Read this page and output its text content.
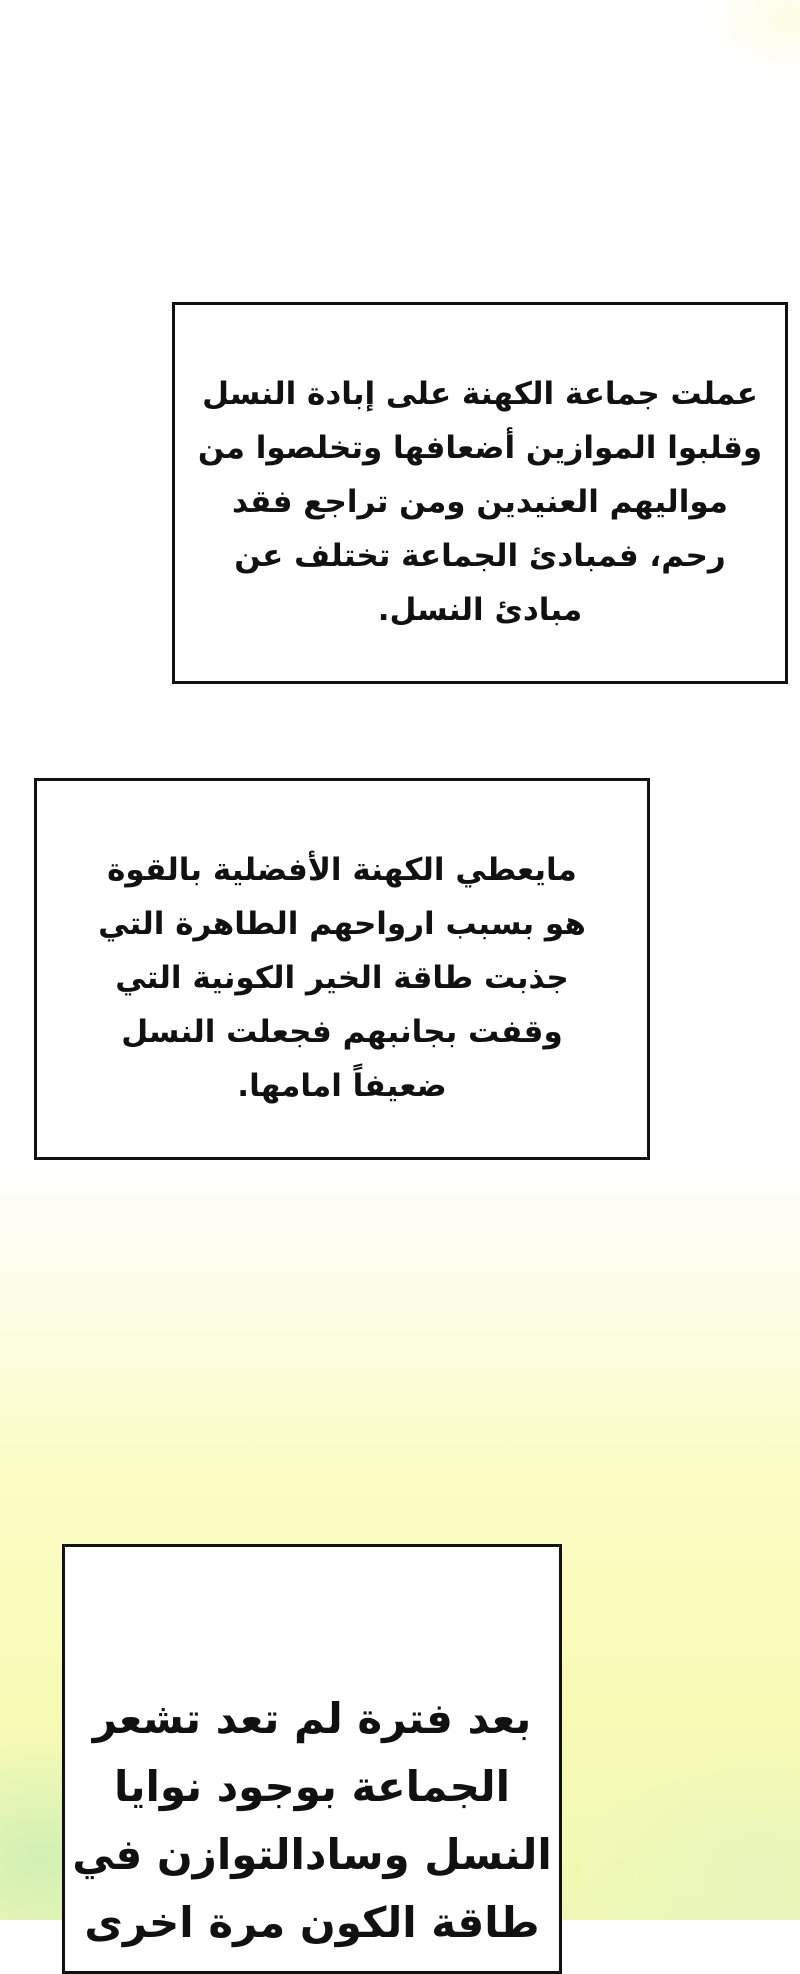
عملت جماعة الكهنة على إبادة النسل
وقلبوا الموازين أضعافها وتخلصوا من
مواليهم العنيدين ومن تراجع فقد
رحم، فمبادئ الجماعة تختلف عن
مبادئ النسل.

مايعطي الكهنة الأفضلية بالقوة
هو بسبب ارواحهم الطاهرة التي
جذبت طاقة الخير الكونية التي
وقفت بجانبهم فجعلت النسل
ضعيفاً امامها.

بعد فترة لم تعد تشعر
الجماعة بوجود نوايا
النسل وسادالتوازن في
طاقة الكون مرة اخرى
